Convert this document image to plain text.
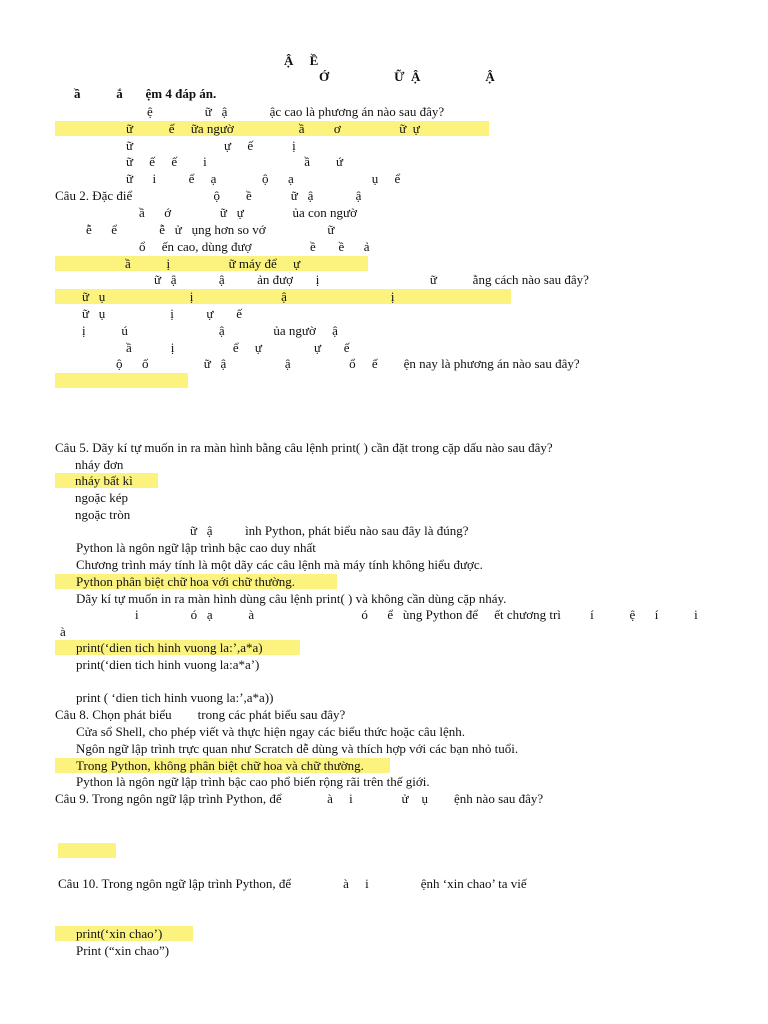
Ậ     Ề
Ớ                    Ữ  Ậ                    Ậ
ầ           ắ       ệm 4 đáp án.
ệ                ữ   ậ             ậc cao là phương án nào sau đây?
ữ           ế     ữa ngườ                    ầ         ơ                  ữ  ự
ữ                            ự     ế            ị
ữ     ế     ế        i                              ầ        ứ
ữ      i          ể     ạ              ộ      ạ                        ụ     ể
Câu 2. Đặc điể                         ộ        ề            ữ   ậ             ậ
ầ      ớ               ữ   ự               ủa con ngườ
ễ      ể             ễ   ử   ụng hơn so vớ                   ữ
ổ     ến cao, dùng đượ                  ề       ề      ả
ầ           ị                  ữ máy để     ự
ữ   ậ             ậ          ản đượ       ị                                  ữ           ằng cách nào sau đây?
ữ   ụ                          ị                           ậ                                ị
ữ   ụ                    ị          ự       ế
ị           ú                            ậ               ủa ngườ     ậ
ầ            ị                  ể     ự                ự       ế
ộ      ố                 ữ   ậ                  ậ                  ổ     ế        ện nay là phương án nào sau đây?
Câu 5. Dãy kí tự muốn in ra màn hình bằng câu lệnh print( ) cần đặt trong cặp dấu nào sau đây?
nháy đơn
nháy bất kì
ngoặc kép
ngoặc tròn
ữ   ậ          ình Python, phát biểu nào sau đây là đúng?
Python là ngôn ngữ lập trình bậc cao duy nhất
Chương trình máy tính là một dãy các câu lệnh mà máy tính không hiểu được.
Python phân biệt chữ hoa với chữ thường.
Dãy kí tự muốn in ra màn hình dùng câu lệnh print( ) và không cần dùng cặp nháy.
i                ó   ạ           à                                 ó      ể   ùng Python để     ết chương trì         í           ệ      í           i
à
print(‘dien tich hinh vuong la:’,a*a)
print(‘dien tich hinh vuong la:a*a’)
print ( ‘dien tich hinh vuong la:’,a*a))
Câu 8. Chọn phát biểu        trong các phát biểu sau đây?
Cửa sổ Shell, cho phép viết và thực hiện ngay các biểu thức hoặc câu lệnh.
Ngôn ngữ lập trình trực quan như Scratch dễ dùng và thích hợp với các bạn nhỏ tuổi.
Trong Python, không phân biệt chữ hoa và chữ thường.
Python là ngôn ngữ lập trình bậc cao phổ biến rộng rãi trên thế giới.
Câu 9. Trong ngôn ngữ lập trình Python, để              à     i               ử    ụ        ệnh nào sau đây?
Câu 10. Trong ngôn ngữ lập trình Python, để                à     i                ệnh ‘xin chao’ ta viế
print(‘xin chao’)
Print (“xin chao”)
